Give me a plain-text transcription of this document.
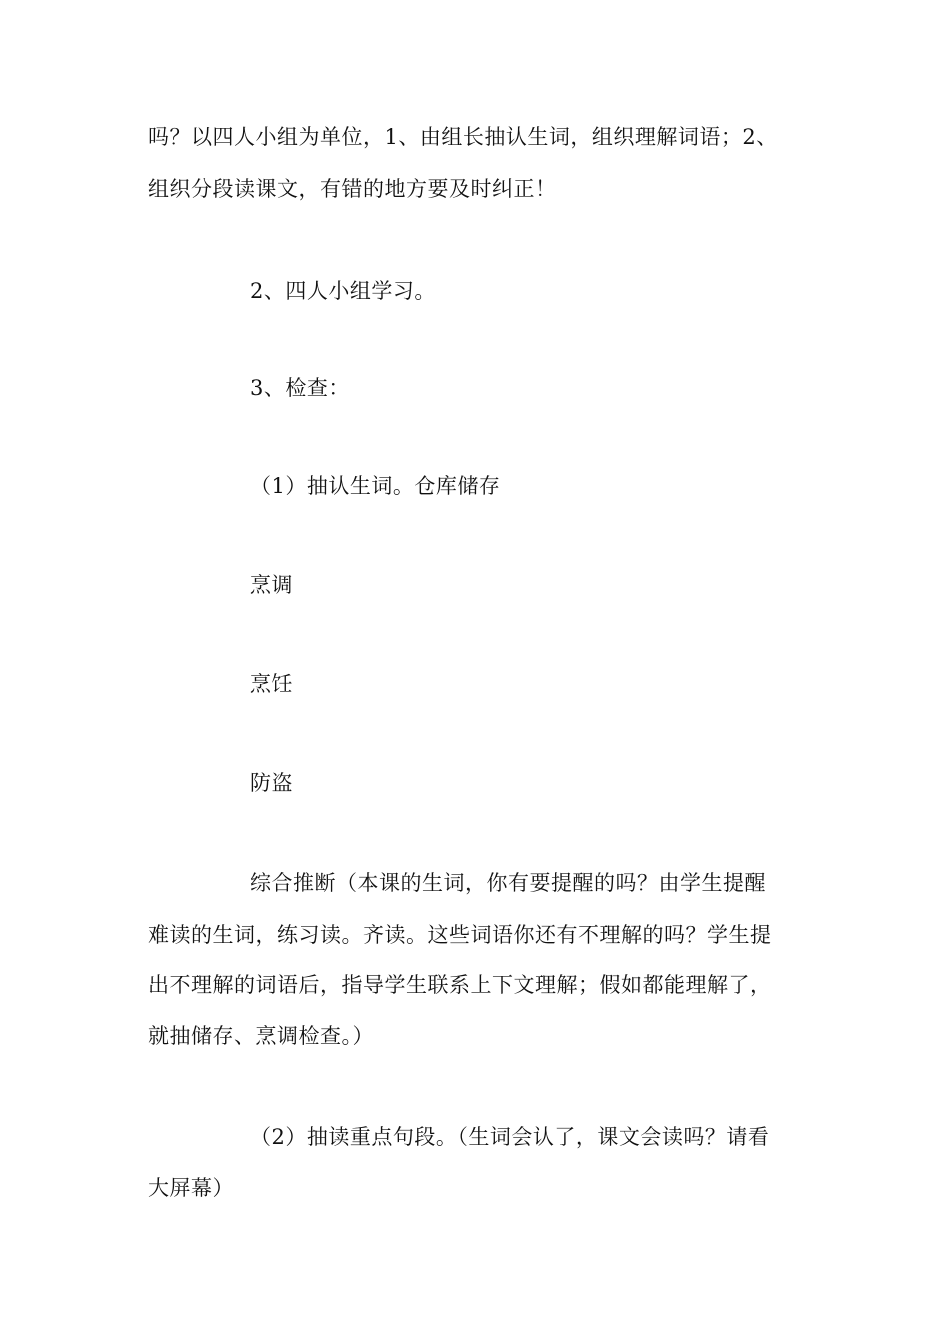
吗？以四人小组为单位，1、由组长抽认生词，组织理解词语；2、
组织分段读课文，有错的地方要及时纠正！
2、四人小组学习。
3、检查：
（1）抽认生词。仓库储存
烹调
烹饪
防盗
综合推断（本课的生词，你有要提醒的吗？由学生提醒
难读的生词，练习读。齐读。这些词语你还有不理解的吗？学生提
出不理解的词语后，指导学生联系上下文理解；假如都能理解了，
就抽储存、烹调检查。）
（2）抽读重点句段。（生词会认了，课文会读吗？请看
大屏幕）
